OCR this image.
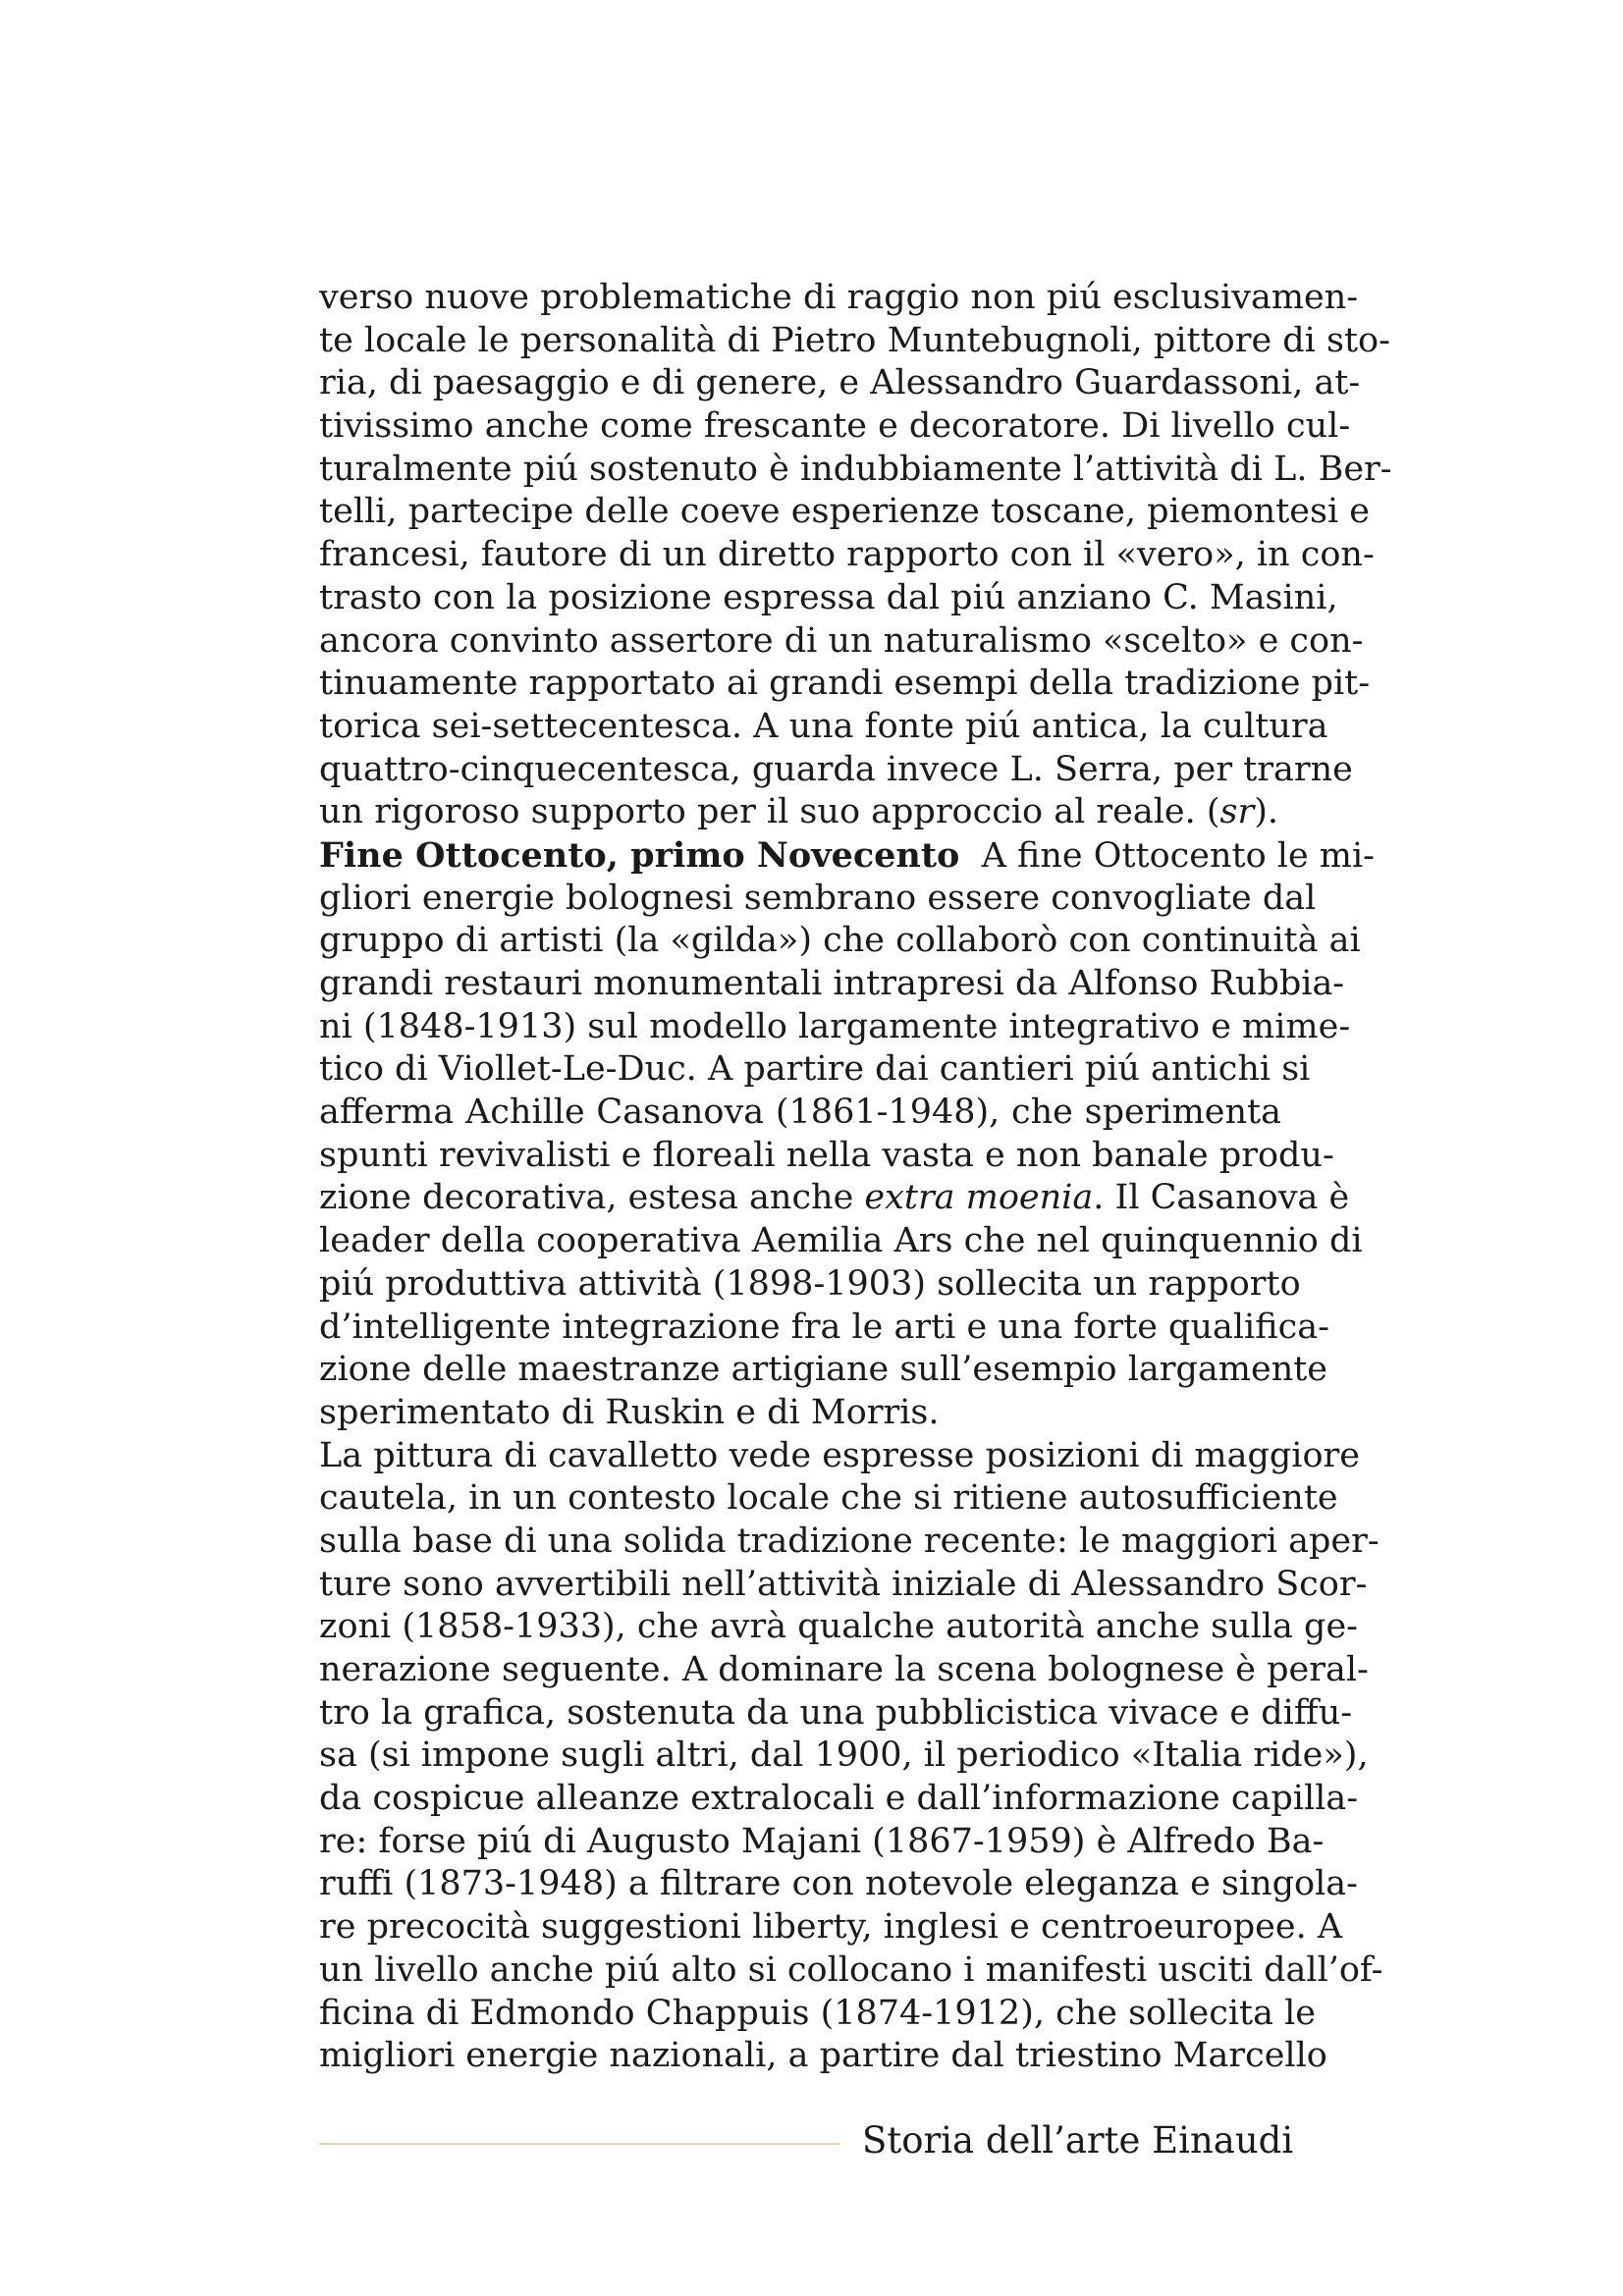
verso nuove problematiche di raggio non piú esclusivamen-
te locale le personalità di Pietro Muntebugnoli, pittore di sto-
ria, di paesaggio e di genere, e Alessandro Guardassoni, at-
tivissimo anche come frescante e decoratore. Di livello cul-
turalmente piú sostenuto è indubbiamente l’attività di L. Ber-
telli, partecipe delle coeve esperienze toscane, piemontesi e
francesi, fautore di un diretto rapporto con il «vero», in con-
trasto con la posizione espressa dal piú anziano C. Masini,
ancora convinto assertore di un naturalismo «scelto» e con-
tinuamente rapportato ai grandi esempi della tradizione pit-
torica sei-settecentesca. A una fonte piú antica, la cultura
quattro-cinquecentesca, guarda invece L. Serra, per trarne
un rigoroso supporto per il suo approccio al reale. (sr).
Fine Ottocento, primo Novecento  A fine Ottocento le mi-
gliori energie bolognesi sembrano essere convogliate dal
gruppo di artisti (la «gilda») che collaborò con continuità ai
grandi restauri monumentali intrapresi da Alfonso Rubbia-
ni (1848-1913) sul modello largamente integrativo e mime-
tico di Viollet-Le-Duc. A partire dai cantieri piú antichi si
afferma Achille Casanova (1861-1948), che sperimenta
spunti revivalisti e floreali nella vasta e non banale produ-
zione decorativa, estesa anche extra moenia. Il Casanova è
leader della cooperativa Aemilia Ars che nel quinquennio di
piú produttiva attività (1898-1903) sollecita un rapporto
d’intelligente integrazione fra le arti e una forte qualifica-
zione delle maestranze artigiane sull’esempio largamente
sperimentato di Ruskin e di Morris.
La pittura di cavalletto vede espresse posizioni di maggiore
cautela, in un contesto locale che si ritiene autosufficiente
sulla base di una solida tradizione recente: le maggiori aper-
ture sono avvertibili nell’attività iniziale di Alessandro Scor-
zoni (1858-1933), che avrà qualche autorità anche sulla ge-
nerazione seguente. A dominare la scena bolognese è peral-
tro la grafica, sostenuta da una pubblicistica vivace e diffu-
sa (si impone sugli altri, dal 1900, il periodico «Italia ride»),
da cospicue alleanze extralocali e dall’informazione capilla-
re: forse piú di Augusto Majani (1867-1959) è Alfredo Ba-
ruffi (1873-1948) a filtrare con notevole eleganza e singola-
re precocità suggestioni liberty, inglesi e centroeuropee. A
un livello anche piú alto si collocano i manifesti usciti dall’of-
ficina di Edmondo Chappuis (1874-1912), che sollecita le
migliori energie nazionali, a partire dal triestino Marcello
Storia dell’arte Einaudi
